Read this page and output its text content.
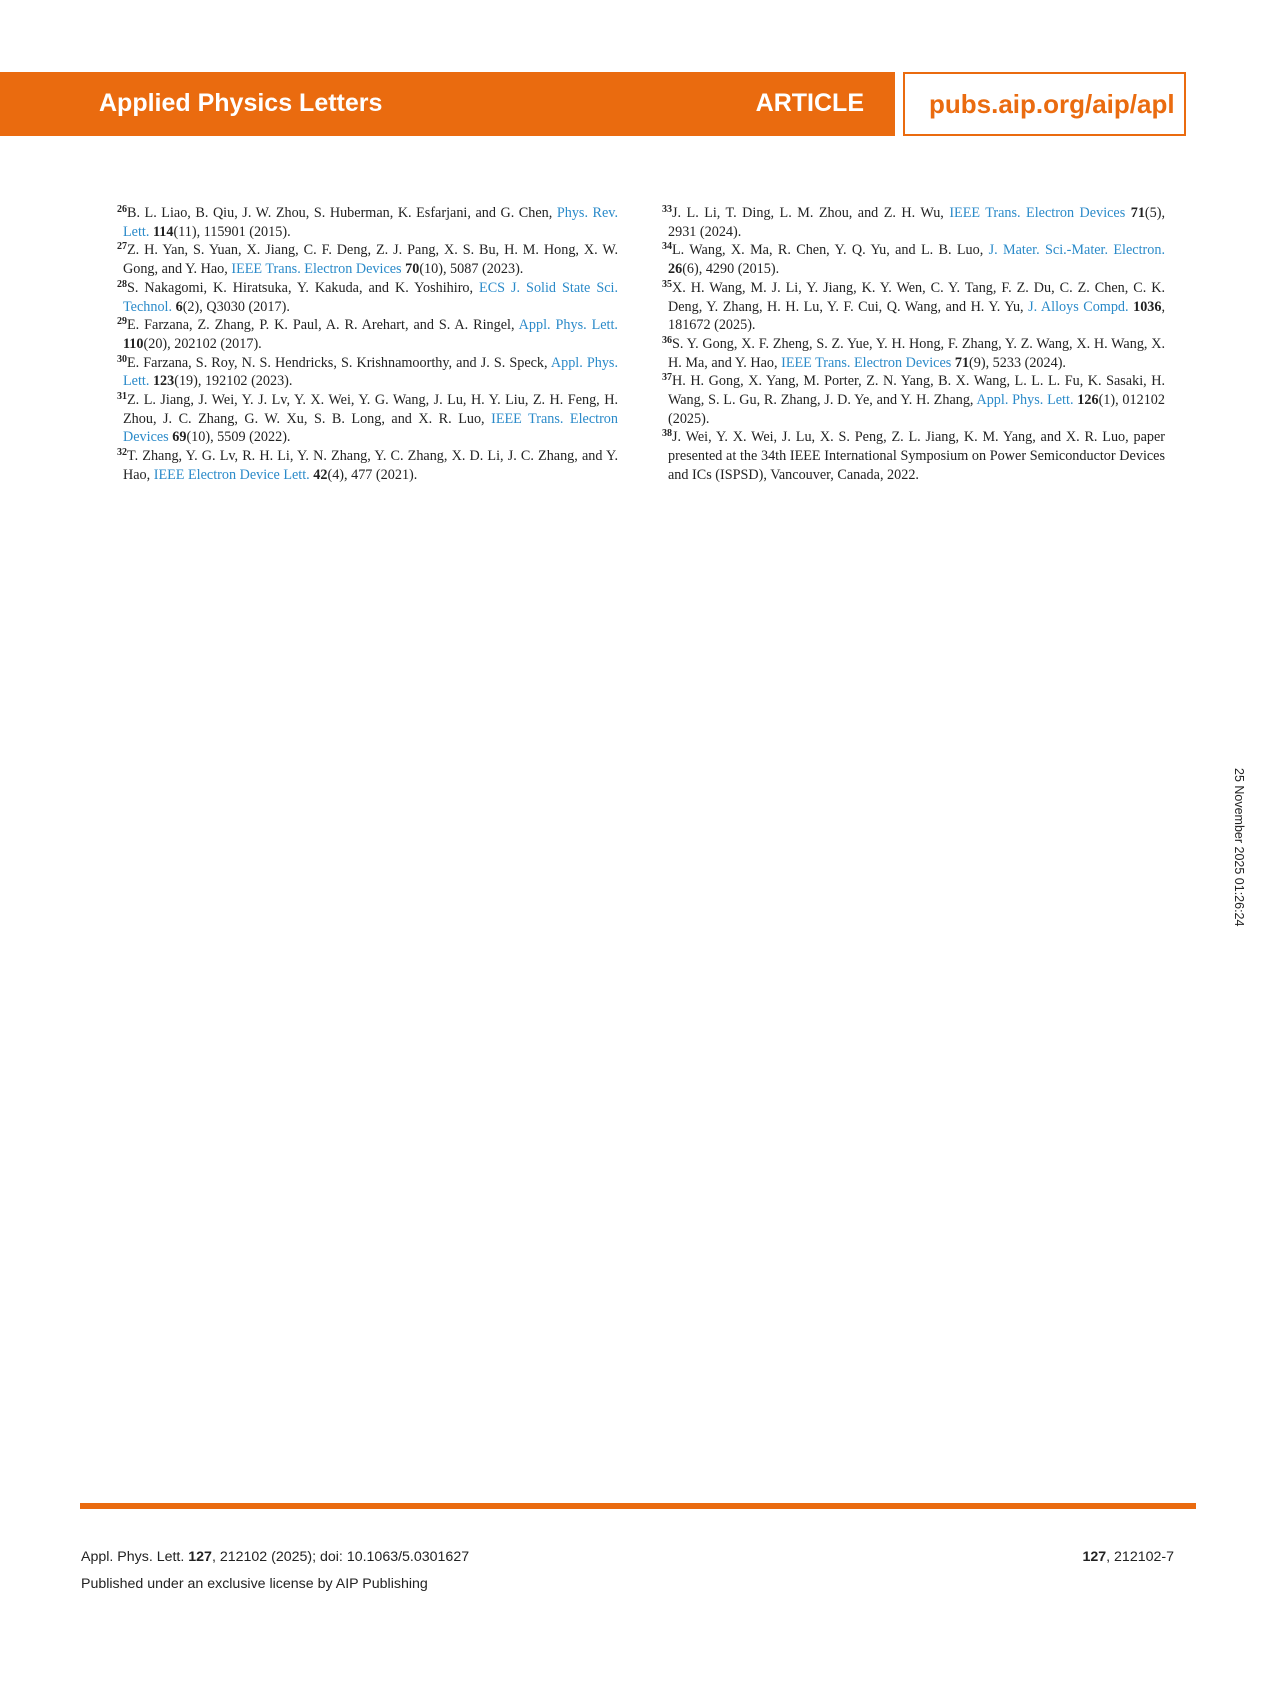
Applied Physics Letters	ARTICLE	pubs.aip.org/aip/apl

$^{26}$B. L. Liao, B. Qiu, J. W. Zhou, S. Huberman, K. Esfarjani, and G. Chen, Phys. Rev. Lett. 114(11), 115901 (2015).

$^{27}$Z. H. Yan, S. Yuan, X. Jiang, C. F. Deng, Z. J. Pang, X. S. Bu, H. M. Hong, X. W. Gong, and Y. Hao, IEEE Trans. Electron Devices 70(10), 5087 (2023).

$^{28}$S. Nakagomi, K. Hiratsuka, Y. Kakuda, and K. Yoshihiro, ECS J. Solid State Sci. Technol. 6(2), Q3030 (2017).

$^{29}$E. Farzana, Z. Zhang, P. K. Paul, A. R. Arehart, and S. A. Ringel, Appl. Phys. Lett. 110(20), 202102 (2017).

$^{30}$E. Farzana, S. Roy, N. S. Hendricks, S. Krishnamoorthy, and J. S. Speck, Appl. Phys. Lett. 123(19), 192102 (2023).

$^{31}$Z. L. Jiang, J. Wei, Y. J. Lv, Y. X. Wei, Y. G. Wang, J. Lu, H. Y. Liu, Z. H. Feng, H. Zhou, J. C. Zhang, G. W. Xu, S. B. Long, and X. R. Luo, IEEE Trans. Electron Devices 69(10), 5509 (2022).

$^{32}$T. Zhang, Y. G. Lv, R. H. Li, Y. N. Zhang, Y. C. Zhang, X. D. Li, J. C. Zhang, and Y. Hao, IEEE Electron Device Lett. 42(4), 477 (2021).

$^{33}$J. L. Li, T. Ding, L. M. Zhou, and Z. H. Wu, IEEE Trans. Electron Devices 71(5), 2931 (2024).

$^{34}$L. Wang, X. Ma, R. Chen, Y. Q. Yu, and L. B. Luo, J. Mater. Sci.-Mater. Electron. 26(6), 4290 (2015).

$^{35}$X. H. Wang, M. J. Li, Y. Jiang, K. Y. Wen, C. Y. Tang, F. Z. Du, C. Z. Chen, C. K. Deng, Y. Zhang, H. H. Lu, Y. F. Cui, Q. Wang, and H. Y. Yu, J. Alloys Compd. 1036, 181672 (2025).

$^{36}$S. Y. Gong, X. F. Zheng, S. Z. Yue, Y. H. Hong, F. Zhang, Y. Z. Wang, X. H. Wang, X. H. Ma, and Y. Hao, IEEE Trans. Electron Devices 71(9), 5233 (2024).

$^{37}$H. H. Gong, X. Yang, M. Porter, Z. N. Yang, B. X. Wang, L. L. L. Fu, K. Sasaki, H. Wang, S. L. Gu, R. Zhang, J. D. Ye, and Y. H. Zhang, Appl. Phys. Lett. 126(1), 012102 (2025).

$^{38}$J. Wei, Y. X. Wei, J. Lu, X. S. Peng, Z. L. Jiang, K. M. Yang, and X. R. Luo, paper presented at the 34th IEEE International Symposium on Power Semiconductor Devices and ICs (ISPSD), Vancouver, Canada, 2022.

25 November 2025 01:26:24
Appl. Phys. Lett. 127, 212102 (2025); doi: 10.1063/5.0301627	127, 212102-7
Published under an exclusive license by AIP Publishing
